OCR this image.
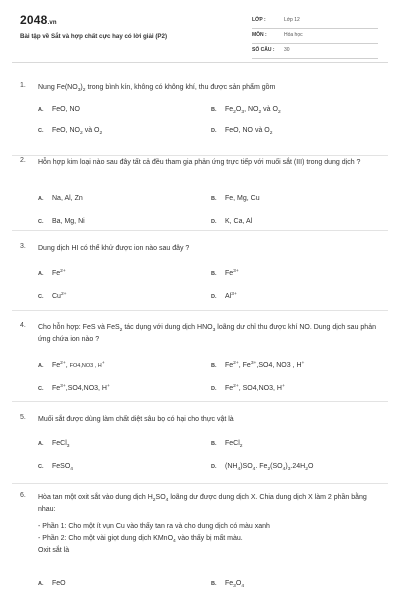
2048.vn
Bài tập về Sắt và hợp chất cực hay có lời giải (P2)
LỚP :	Lớp 12
MÔN :	Hóa học
SỐ CÂU : 30
1. Nung $Fe(NO_3)_2$ trong bình kín, không có không khí, thu được sản phẩm gồm
A. FeO, NO	B. $Fe_2O_3$, $NO_2$ và $O_2$
C. FeO, $NO_2$ và $O_2$	D. FeO, NO và $O_2$
2. Hỗn hợp kim loại nào sau đây tất cả đều tham gia phản ứng trực tiếp với muối sắt (III) trong dung dịch ?
A. Na, Al, Zn	B. Fe, Mg, Cu
C. Ba, Mg, Ni	D. K, Ca, Al
3. Dung dịch HI có thể khử được ion nào sau đây ?
A. $Fe^{2+}$	B. $Fe^{3+}$
C. $Cu^{2+}$	D. $Al^{3+}$
4. Cho hỗn hợp: FeS và FeS$_2$ tác dụng với dung dịch $HNO_3$ loãng dư chỉ thu được khí NO. Dung dịch sau phản ứng chứa ion nào ?
A. $Fe^{2+}$, FO4,NO3 , H+	B. $Fe^{2+}$, $Fe^{3+},SO4$, NO3 , H+
C. $Fe^{3+},SO4,NO3$, H+	D. $Fe^{2+}$, SO4,NO3, H+
5. Muối sắt được dùng làm chất diệt sâu bọ có hại cho thực vật là
A. FeCl$_3$	B. FeCl$_2$
C. FeSO$_4$	D. $(NH_4)SO_4$. $Fe_2(SO_4)_3.24H_2O$
6. Hòa tan một oxit sắt vào dung dịch $H_2SO_4$ loãng dư được dung dịch X. Chia dung dịch X làm 2 phần bằng nhau:

- Phần 1: Cho một ít vụn Cu vào thấy tan ra và cho dung dịch có màu xanh
- Phần 2: Cho một vài giọt dung dịch KMnO$_4$ vào thấy bị mất màu.
Oxit sắt là
A. FeO	B. $Fe_3O_4$
